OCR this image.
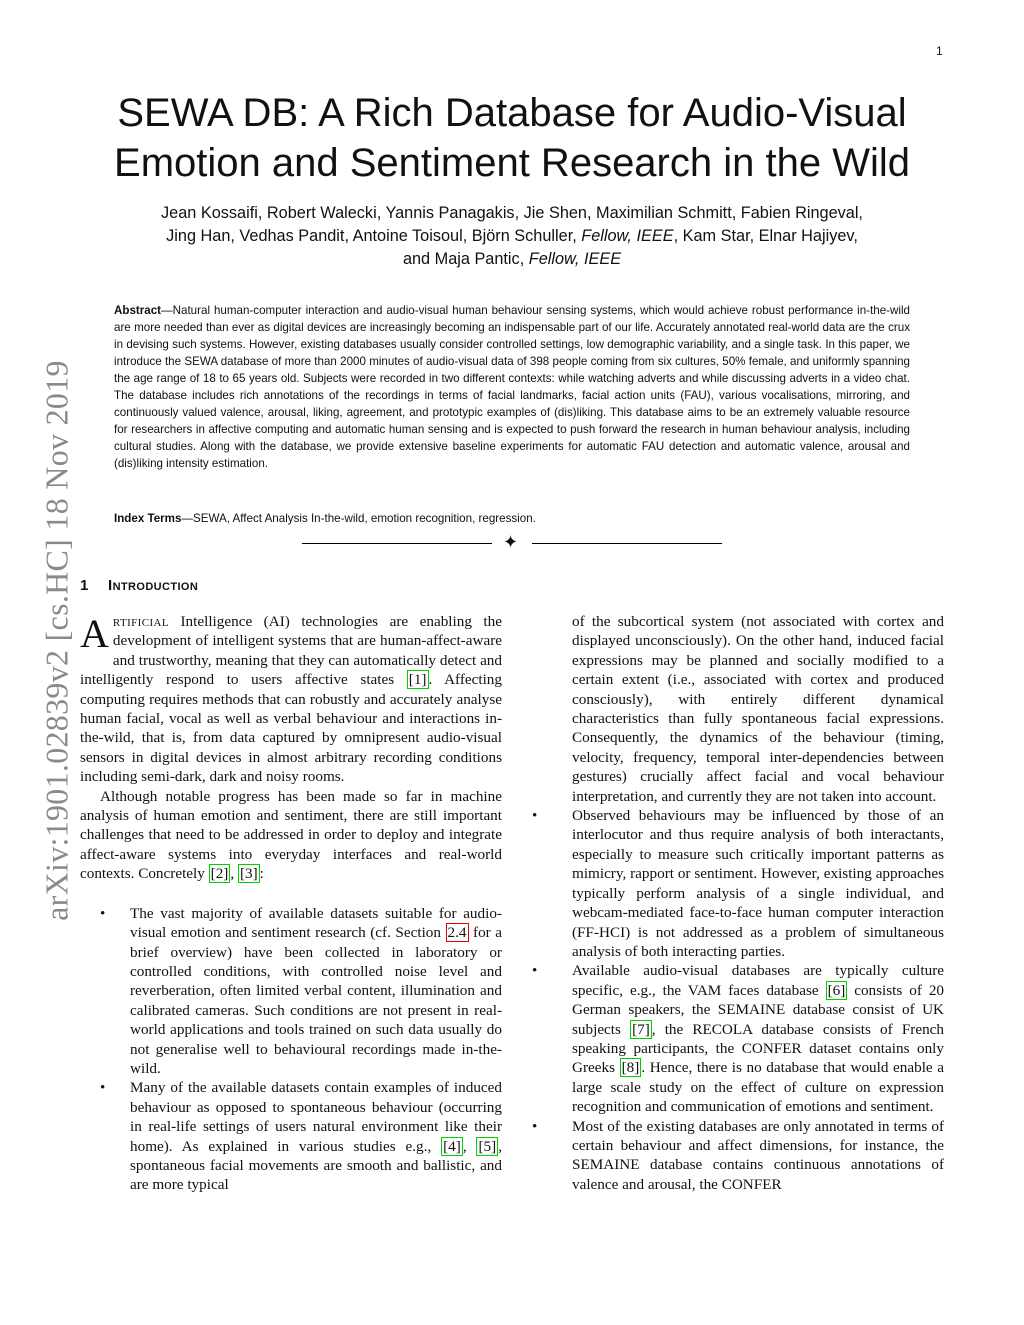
1
arXiv:1901.02839v2 [cs.HC] 18 Nov 2019
SEWA DB: A Rich Database for Audio-Visual
Emotion and Sentiment Research in the Wild
Jean Kossaifi, Robert Walecki, Yannis Panagakis, Jie Shen, Maximilian Schmitt, Fabien Ringeval,
Jing Han, Vedhas Pandit, Antoine Toisoul, Björn Schuller, Fellow, IEEE, Kam Star, Elnar Hajiyev,
and Maja Pantic, Fellow, IEEE
Abstract—Natural human-computer interaction and audio-visual human behaviour sensing systems, which would achieve robust performance in-the-wild are more needed than ever as digital devices are increasingly becoming an indispensable part of our life. Accurately annotated real-world data are the crux in devising such systems. However, existing databases usually consider controlled settings, low demographic variability, and a single task. In this paper, we introduce the SEWA database of more than 2000 minutes of audio-visual data of 398 people coming from six cultures, 50% female, and uniformly spanning the age range of 18 to 65 years old. Subjects were recorded in two different contexts: while watching adverts and while discussing adverts in a video chat. The database includes rich annotations of the recordings in terms of facial landmarks, facial action units (FAU), various vocalisations, mirroring, and continuously valued valence, arousal, liking, agreement, and prototypic examples of (dis)liking. This database aims to be an extremely valuable resource for researchers in affective computing and automatic human sensing and is expected to push forward the research in human behaviour analysis, including cultural studies. Along with the database, we provide extensive baseline experiments for automatic FAU detection and automatic valence, arousal and (dis)liking intensity estimation.
Index Terms—SEWA, Affect Analysis In-the-wild, emotion recognition, regression.
✦
1 Introduction

Artificial Intelligence (AI) technologies are enabling the development of intelligent systems that are human-affect-aware and trustworthy, meaning that they can automatically detect and intelligently respond to users affective states [1] . Affecting computing requires methods that can robustly and accurately analyse human facial, vocal as well as verbal behaviour and interactions in-the-wild, that is, from data captured by omnipresent audio-visual sensors in digital devices in almost arbitrary recording conditions including semi-dark, dark and noisy rooms.

Although notable progress has been made so far in machine analysis of human emotion and sentiment, there are still important challenges that need to be addressed in order to deploy and integrate affect-aware systems into everyday interfaces and real-world contexts. Concretely [2] , [3] :

• The vast majority of available datasets suitable for audio-visual emotion and sentiment research (cf. Section 2.4 for a brief overview) have been collected in laboratory or controlled conditions, with controlled noise level and reverberation, often limited verbal content, illumination and calibrated cameras. Such conditions are not present in real-world applications and tools trained on such data usually do not generalise well to behavioural recordings made in-the-wild.
• Many of the available datasets contain examples of induced behaviour as opposed to spontaneous behaviour (occurring in real-life settings of users natural environment like their home). As explained in various studies e.g., [4] , [5] , spontaneous facial movements are smooth and ballistic, and are more typical

of the subcortical system (not associated with cortex and displayed unconsciously). On the other hand, induced facial expressions may be planned and socially modified to a certain extent (i.e., associated with cortex and produced consciously), with entirely different dynamical characteristics than fully spontaneous facial expressions. Consequently, the dynamics of the behaviour (timing, velocity, frequency, temporal inter-dependencies between gestures) crucially affect facial and vocal behaviour interpretation, and currently they are not taken into account.

• Observed behaviours may be influenced by those of an interlocutor and thus require analysis of both interactants, especially to measure such critically important patterns as mimicry, rapport or sentiment. However, existing approaches typically perform analysis of a single individual, and webcam-mediated face-to-face human computer interaction (FF-HCI) is not addressed as a problem of simultaneous analysis of both interacting parties.
• Available audio-visual databases are typically culture specific, e.g., the VAM faces database [6] consists of 20 German speakers, the SEMAINE database consist of UK subjects [7] , the RECOLA database consists of French speaking participants, the CONFER dataset contains only Greeks [8] . Hence, there is no database that would enable a large scale study on the effect of culture on expression recognition and communication of emotions and sentiment.
• Most of the existing databases are only annotated in terms of certain behaviour and affect dimensions, for instance, the SEMAINE database contains continuous annotations of valence and arousal, the CONFER
